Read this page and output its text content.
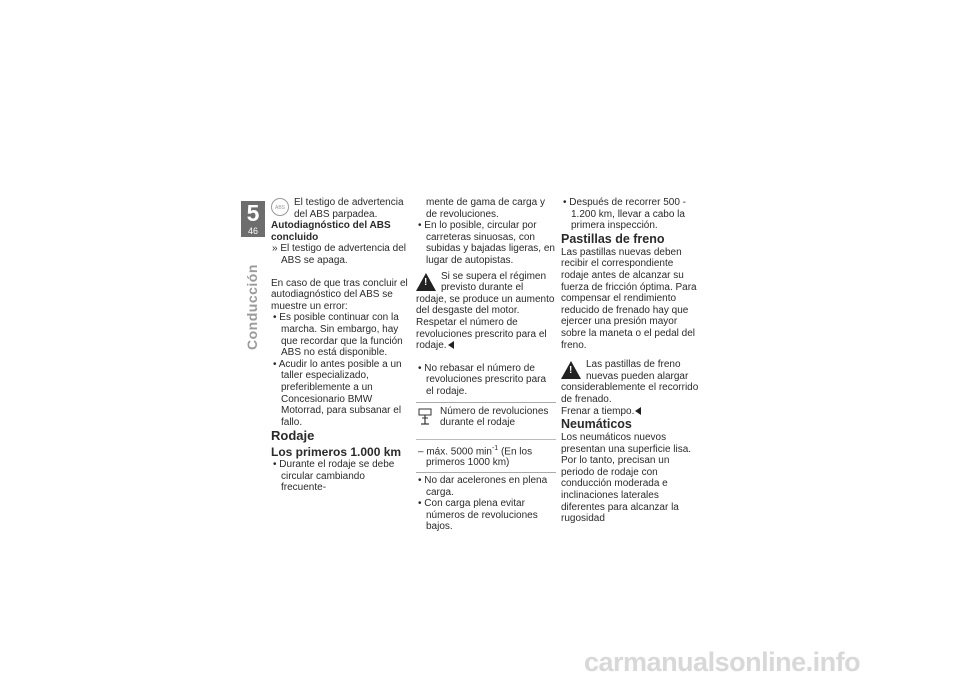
5
46
Conducción
ABS El testigo de advertencia del ABS parpadea.

Autodiagnóstico del ABS concluido

» El testigo de advertencia del ABS se apaga.

En caso de que tras concluir el autodiagnóstico del ABS se muestre un error:

• Es posible continuar con la marcha. Sin embargo, hay que recordar que la función ABS no está disponible.

• Acudir lo antes posible a un taller especializado, preferiblemente a un Concesionario BMW Motorrad, para subsanar el fallo.

Rodaje

Los primeros 1.000 km

• Durante el rodaje se debe circular cambiando frecuente-

mente de gama de carga y de revoluciones.

• En lo posible, circular por carreteras sinuosas, con subidas y bajadas ligeras, en lugar de autopistas.

!

Si se supera el régimen previsto durante el rodaje, se produce un aumento del desgaste del motor.

Respetar el número de revoluciones prescrito para el rodaje.

• No rebasar el número de revoluciones prescrito para el rodaje.

Número de revoluciones durante el rodaje

– máx. 5000 $\min^{-1} (En$ los primeros 1000 km)

• No dar acelerones en plena carga.

• Con carga plena evitar números de revoluciones bajos.

• Después de recorrer 500 - 1.200 km, llevar a cabo la primera inspección.

Pastillas de freno

Las pastillas nuevas deben recibir el correspondiente rodaje antes de alcanzar su fuerza de fricción óptima. Para compensar el rendimiento reducido de frenado hay que ejercer una presión mayor sobre la maneta o el pedal del freno.

!

Las pastillas de freno nuevas pueden alargar considerablemente el recorrido de frenado.

Frenar a tiempo.

Neumáticos

Los neumáticos nuevos presentan una superficie lisa. Por lo tanto, precisan un periodo de rodaje con conducción moderada e inclinaciones laterales diferentes para alcanzar la rugosidad

carmanualsonline.info
